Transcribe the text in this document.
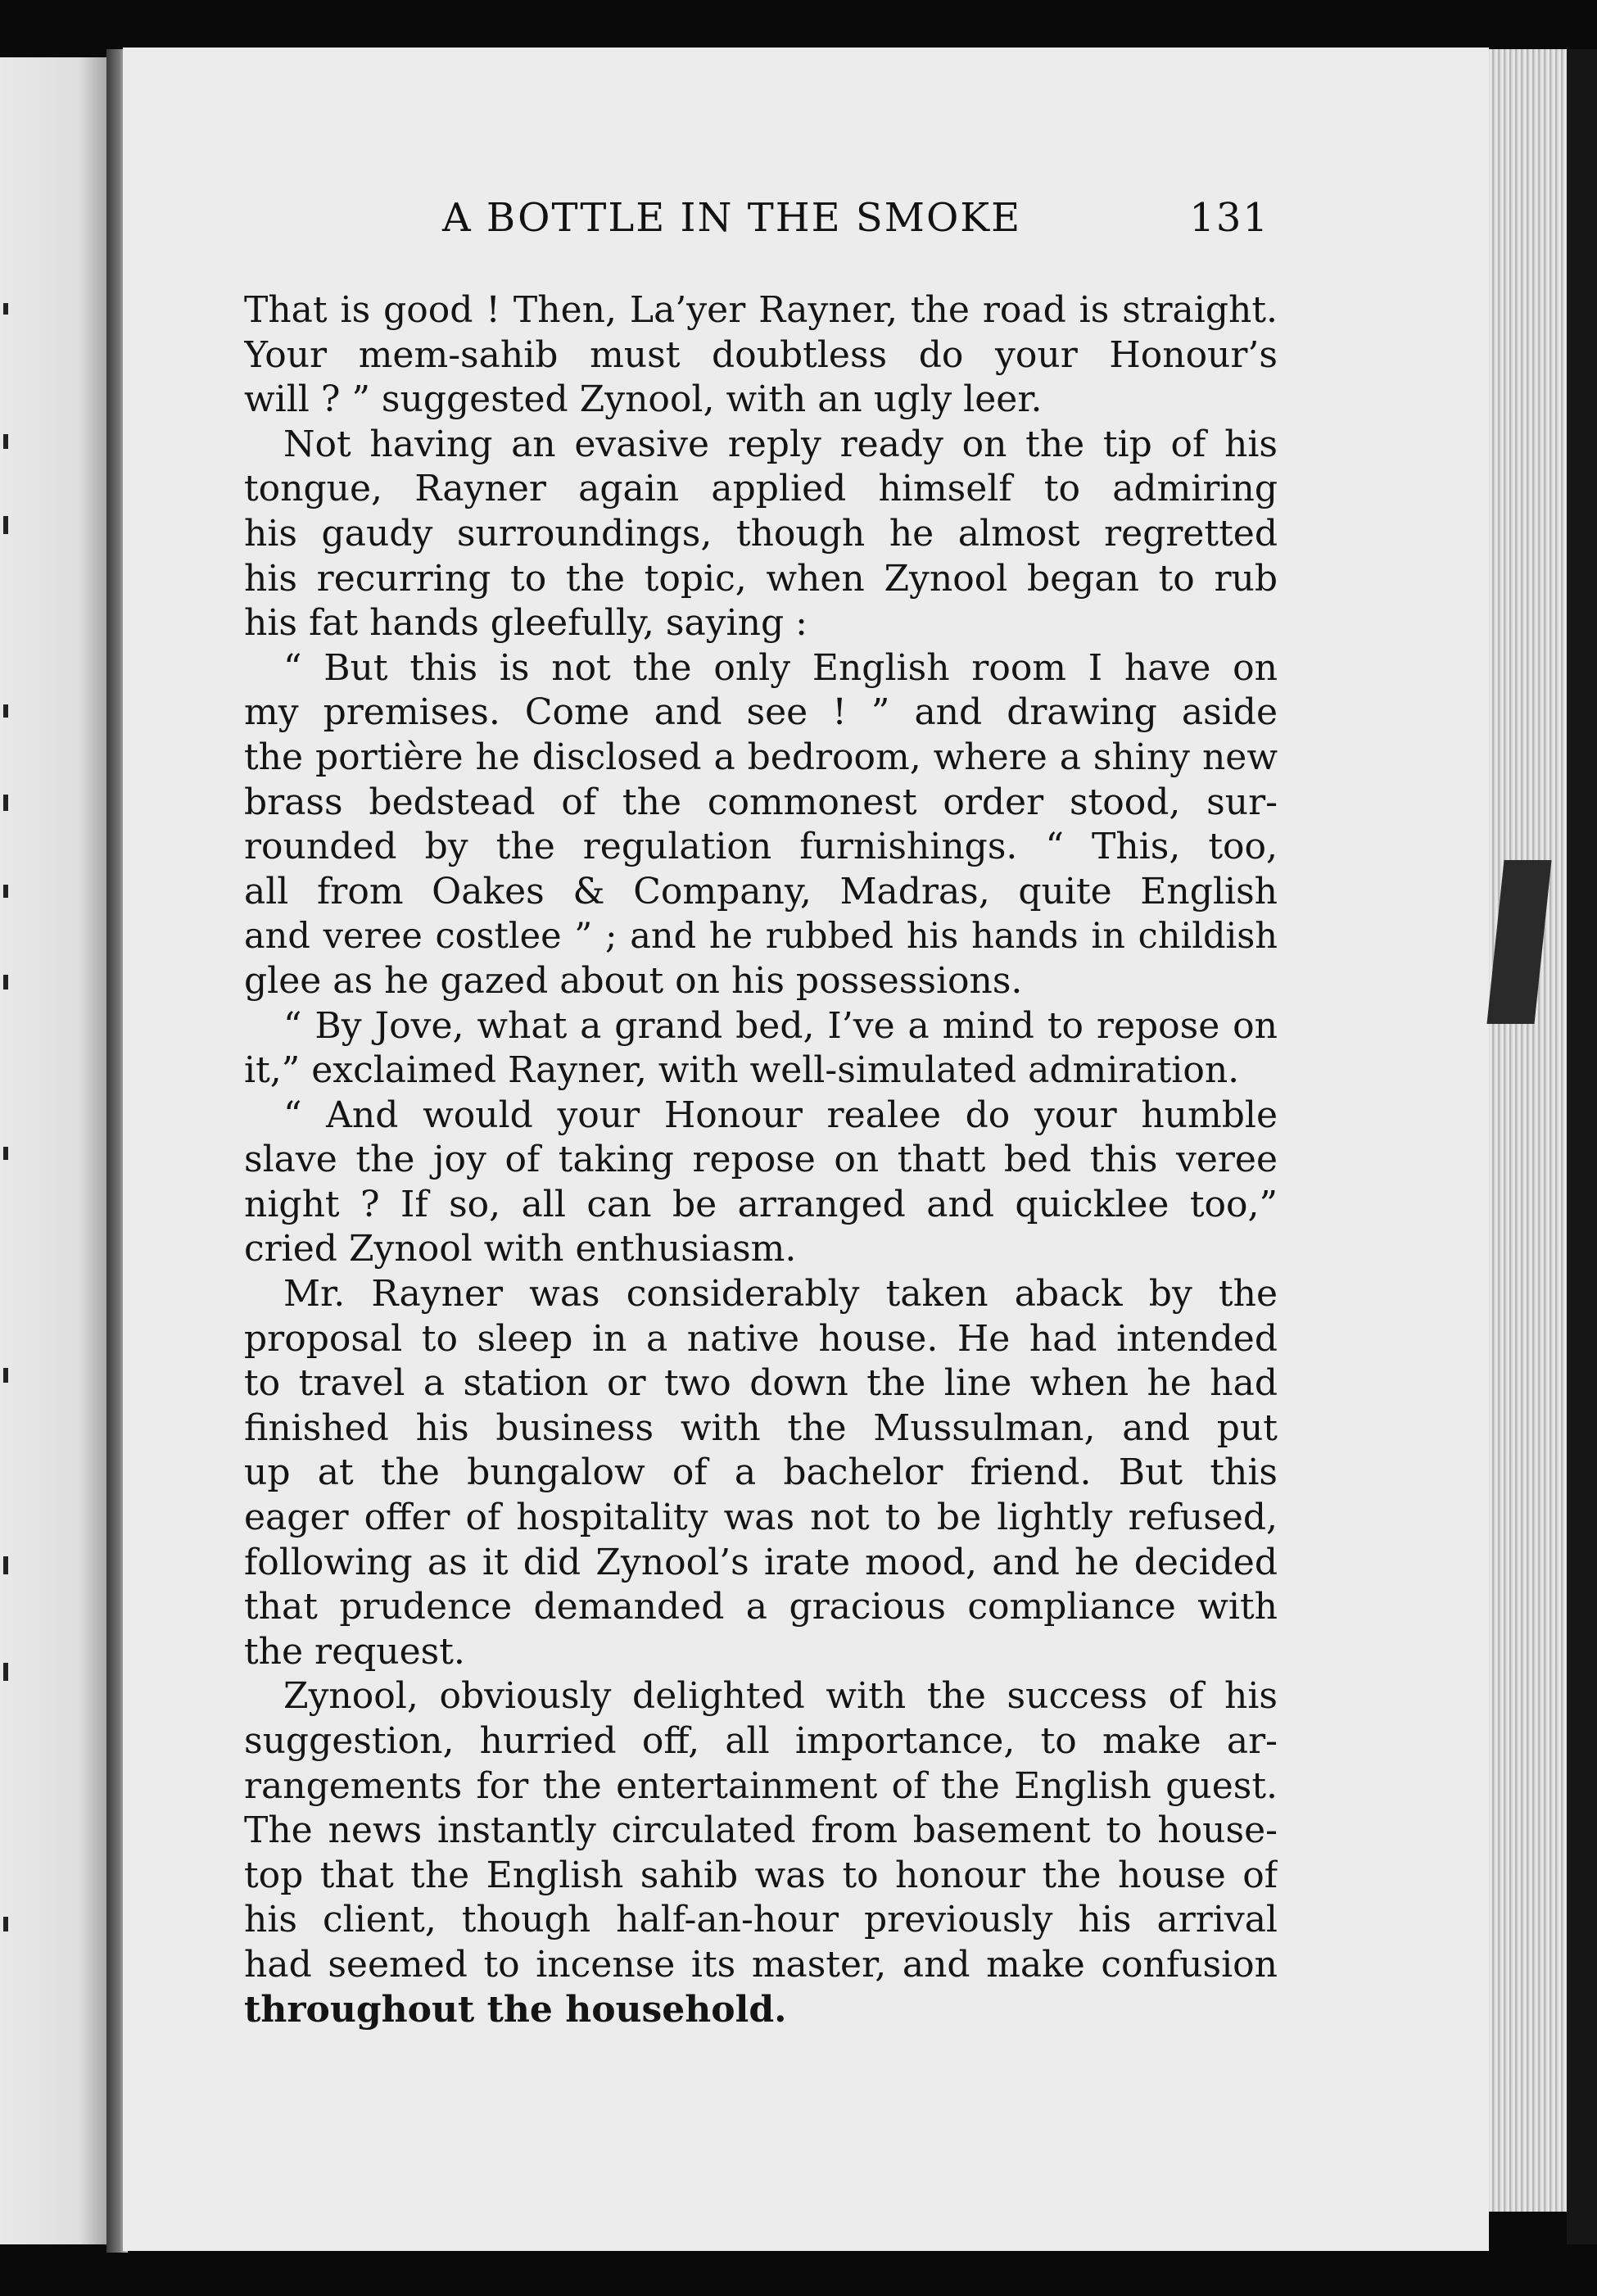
A BOTTLE IN THE SMOKE	131
That is good ! Then, La’yer Rayner, the road is straight.
Your mem-sahib must doubtless do your Honour’s
will ? ” suggested Zynool, with an ugly leer.
Not having an evasive reply ready on the tip of his
tongue, Rayner again applied himself to admiring
his gaudy surroundings, though he almost regretted
his recurring to the topic, when Zynool began to rub
his fat hands gleefully, saying :
“ But this is not the only English room I have on
my premises. Come and see ! ” and drawing aside
the portière he disclosed a bedroom, where a shiny new
brass bedstead of the commonest order stood, sur-
rounded by the regulation furnishings. “ This, too,
all from Oakes & Company, Madras, quite English
and veree costlee ” ; and he rubbed his hands in childish
glee as he gazed about on his possessions.
“ By Jove, what a grand bed, I’ve a mind to repose on
it,” exclaimed Rayner, with well-simulated admiration.
“ And would your Honour realee do your humble
slave the joy of taking repose on thatt bed this veree
night ? If so, all can be arranged and quicklee too,”
cried Zynool with enthusiasm.
Mr. Rayner was considerably taken aback by the
proposal to sleep in a native house. He had intended
to travel a station or two down the line when he had
finished his business with the Mussulman, and put
up at the bungalow of a bachelor friend. But this
eager offer of hospitality was not to be lightly refused,
following as it did Zynool’s irate mood, and he decided
that prudence demanded a gracious compliance with
the request.
Zynool, obviously delighted with the success of his
suggestion, hurried off, all importance, to make ar-
rangements for the entertainment of the English guest.
The news instantly circulated from basement to house-
top that the English sahib was to honour the house of
his client, though half-an-hour previously his arrival
had seemed to incense its master, and make confusion
throughout the household.
